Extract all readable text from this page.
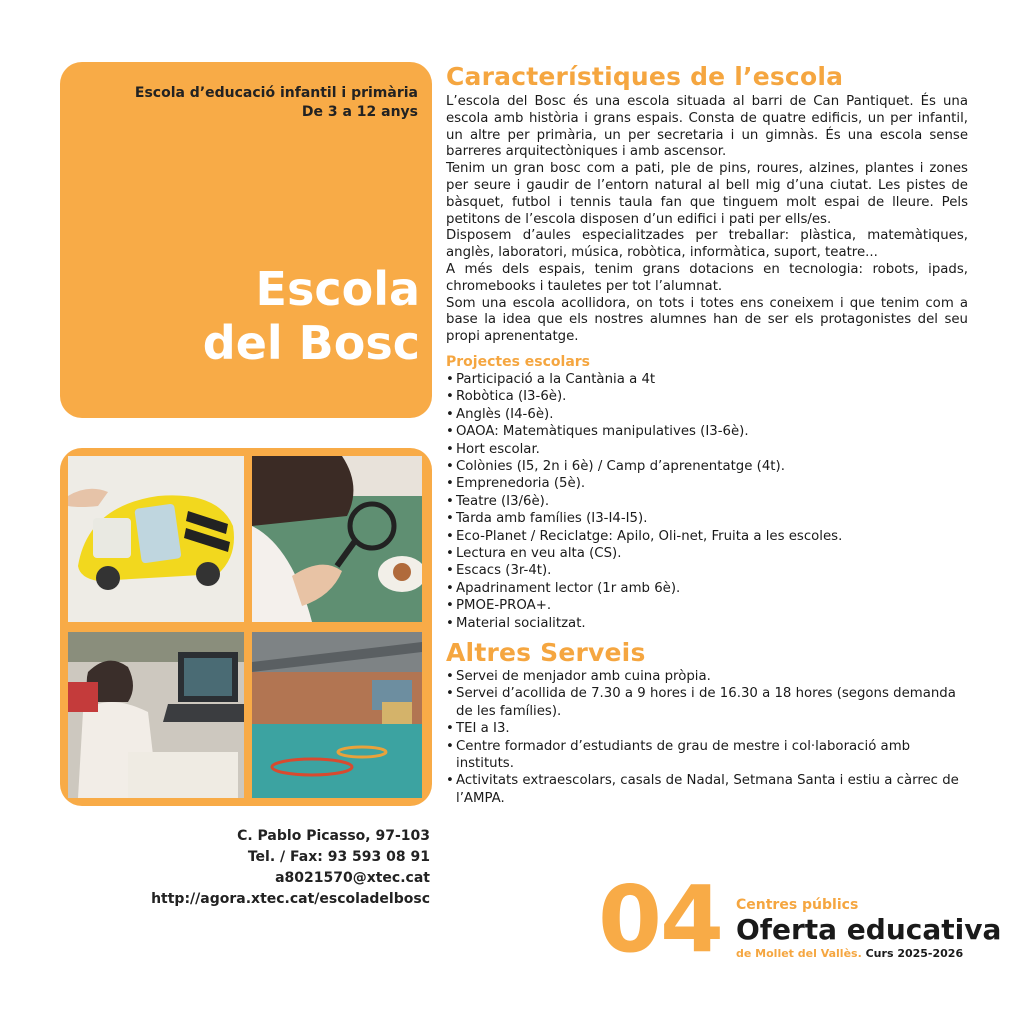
Escola d’educació infantil i primària
De 3 a 12 anys
Escola
del Bosc
C. Pablo Picasso, 97-103
Tel. / Fax: 93 593 08 91
a8021570@xtec.cat
http://agora.xtec.cat/escoladelbosc
Característiques de l’escola

L’escola del Bosc és una escola situada al barri de Can Pantiquet. És una escola amb història i grans espais. Consta de quatre edificis, un per infantil, un altre per primària, un per secretaria i un gimnàs. És una escola sense barreres arquitectòniques i amb ascensor.

Tenim un gran bosc com a pati, ple de pins, roures, alzines, plantes i zones per seure i gaudir de l’entorn natural al bell mig d’una ciutat. Les pistes de bàsquet, futbol i tennis taula fan que tinguem molt espai de lleure. Pels petitons de l’escola disposen d’un edifici i pati per ells/es.

Disposem d’aules especialitzades per treballar: plàstica, matemàtiques, anglès, laboratori, música, robòtica, informàtica, suport, teatre...

A més dels espais, tenim grans dotacions en tecnologia: robots, ipads, chromebooks i tauletes per tot l’alumnat.

Som una escola acollidora, on tots i totes ens coneixem i que tenim com a base la idea que els nostres alumnes han de ser els protagonistes del seu propi aprenentatge.

Projectes escolars
• Participació a la Cantània a 4t
• Robòtica (I3-6è).
• Anglès (I4-6è).
• OAOA: Matemàtiques manipulatives (I3-6è).
• Hort escolar.
• Colònies (I5, 2n i 6è) / Camp d’aprenentatge (4t).
• Emprenedoria (5è).
• Teatre (I3/6è).
• Tarda amb famílies (I3-I4-I5).
• Eco-Planet / Reciclatge: Apilo, Oli-net, Fruita a les escoles.
• Lectura en veu alta (CS).
• Escacs (3r-4t).
• Apadrinament lector (1r amb 6è).
• PMOE-PROA+.
• Material socialitzat.
Altres Serveis
• Servei de menjador amb cuina pròpia.
• Servei d’acollida de 7.30 a 9 hores i de 16.30 a 18 hores (segons demanda de les famílies).
• TEI a I3.
• Centre formador d’estudiants de grau de mestre i col·laboració amb instituts.
• Activitats extraescolars, casals de Nadal, Setmana Santa i estiu a càrrec de l’AMPA.
04 Centres públics
Oferta educativa
de Mollet del Vallès. Curs 2025-2026
